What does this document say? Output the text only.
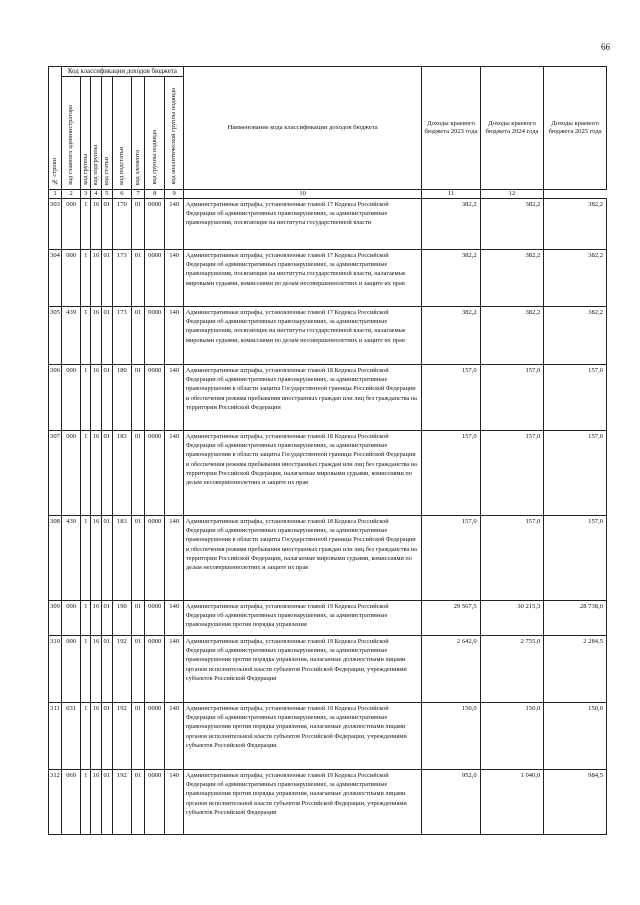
66
№ строки	Код классификации доходов бюджета								Наименование кода классификации доходов бюджета	Доходы краевого бюджета 2023 года	Доходы краевого бюджета 2024 года	Доходы краевого бюджета 2025 года

	код главного администратора	код группы	код подгруппы	код статьи	код подстатьи	код элемента	код группы подвида	код аналитической группы подвида				

1	2	3	4	5	6	7	8	9	10	11	12	
303	000	1	16	01	170	01	0000	140	Административные штрафы, установленные главой 17 Кодекса Российской Федерации об административных правонарушениях, за административные правонарушения, посягающие на институты государственной власти	382,2	382,2	382,2
304	000	1	16	01	173	01	0000	140	Административные штрафы, установленные главой 17 Кодекса Российской Федерации об административных правонарушениях, за административные правонарушения, посягающие на институты государственной власти, налагаемые мировыми судьями, комиссиями по делам несовершеннолетних и защите их прав	382,2	382,2	382,2
305	439	1	16	01	173	01	0000	140	Административные штрафы, установленные главой 17 Кодекса Российской Федерации об административных правонарушениях, за административные правонарушения, посягающие на институты государственной власти, налагаемые мировыми судьями, комиссиями по делам несовершеннолетних и защите их прав	382,2	382,2	382,2
306	000	1	16	01	180	01	0000	140	Административные штрафы, установленные главой 18 Кодекса Российской Федерации об административных правонарушениях, за административные правонарушения в области защиты Государственной границы Российской Федерации и обеспечения режима пребывания иностранных граждан или лиц без гражданства на территории Российской Федерации	157,0	157,0	157,0
307	000	1	16	01	183	01	0000	140	Административные штрафы, установленные главой 18 Кодекса Российской Федерации об административных правонарушениях, за административные правонарушения в области защиты Государственной границы Российской Федерации и обеспечения режима пребывания иностранных граждан или лиц без гражданства на территории Российской Федерации, налагаемые мировыми судьями, комиссиями по делам несовершеннолетних и защите их прав	157,0	157,0	157,0
308	439	1	16	01	183	01	0000	140	Административные штрафы, установленные главой 18 Кодекса Российской Федерации об административных правонарушениях, за административные правонарушения в области защиты Государственной границы Российской Федерации и обеспечения режима пребывания иностранных граждан или лиц без гражданства на территории Российской Федерации, налагаемые мировыми судьями, комиссиями по делам несовершеннолетних и защите их прав	157,0	157,0	157,0
309	000	1	16	01	190	01	0000	140	Административные штрафы, установленные главой 19 Кодекса Российской Федерации об административных правонарушениях, за административные правонарушения против порядка управления	29 567,5	30 215,3	28 738,0
310	000	1	16	01	192	01	0000	140	Административные штрафы, установленные главой 19 Кодекса Российской Федерации об административных правонарушениях, за административные правонарушения против порядка управления, налагаемые должностными лицами органов исполнительной власти субъектов Российской Федерации, учреждениями субъектов Российской Федерации	2 642,0	2 755,0	2 284,5
311	031	1	16	01	192	01	0000	140	Административные штрафы, установленные главой 19 Кодекса Российской Федерации об административных правонарушениях, за административные правонарушения против порядка управления, налагаемые должностными лицами органов исполнительной власти субъектов Российской Федерации, учреждениями субъектов Российской Федерации	150,0	150,0	150,0
312	069	1	16	01	192	01	0000	140	Административные штрафы, установленные главой 19 Кодекса Российской Федерации об административных правонарушениях, за административные правонарушения против порядка управления, налагаемые должностными лицами органов исполнительной власти субъектов Российской Федерации, учреждениями субъектов Российской Федерации	952,0	1 040,0	984,5
